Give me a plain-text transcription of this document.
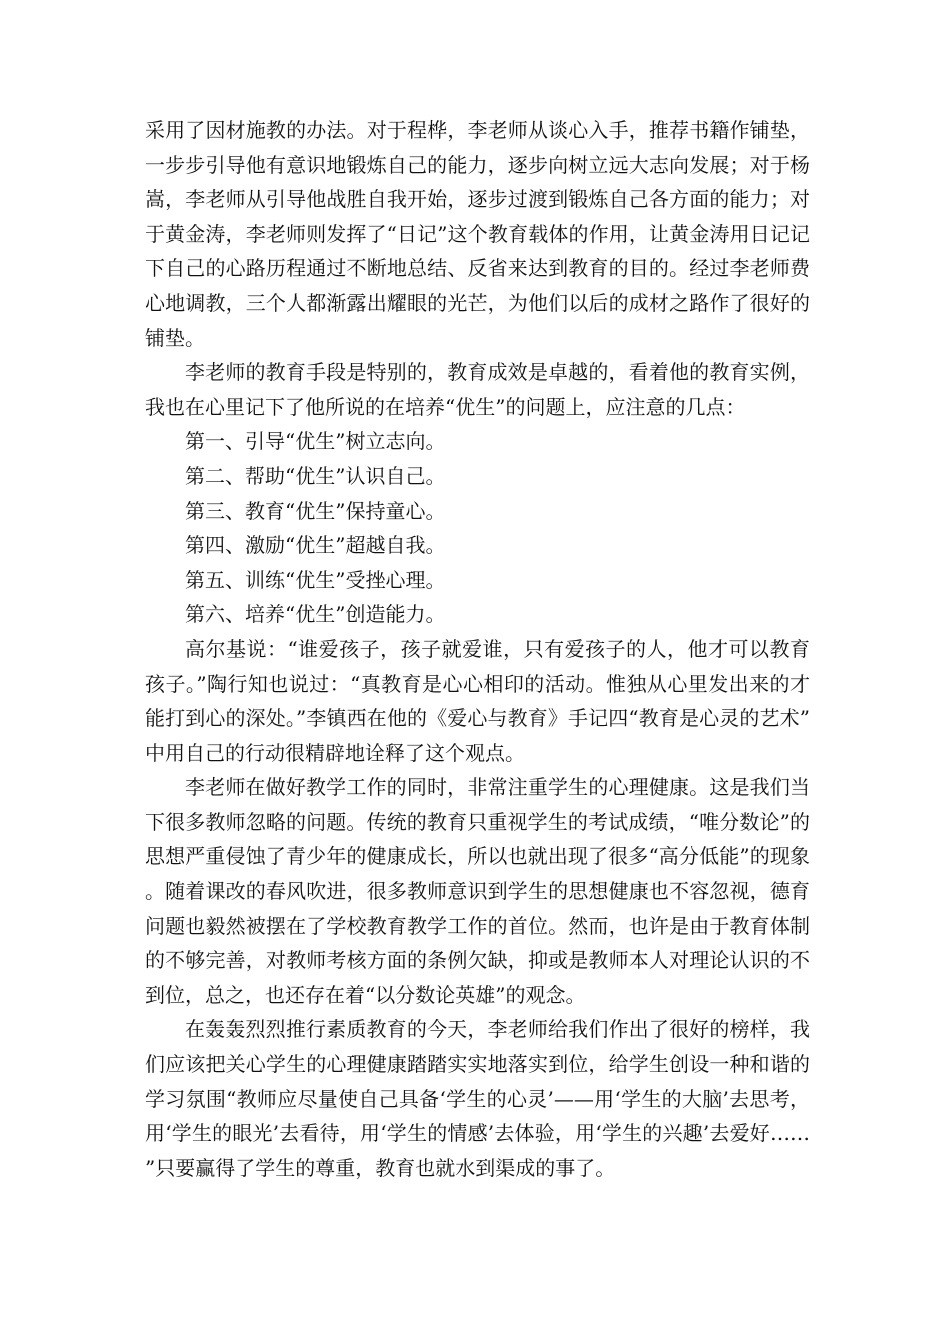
采用了因材施教的办法。对于程桦，李老师从谈心入手，推荐书籍作铺垫，一步步引导他有意识地锻炼自己的能力，逐步向树立远大志向发展；对于杨嵩，李老师从引导他战胜自我开始，逐步过渡到锻炼自己各方面的能力；对于黄金涛，李老师则发挥了“日记”这个教育载体的作用，让黄金涛用日记记下自己的心路历程通过不断地总结、反省来达到教育的目的。经过李老师费心地调教，三个人都渐露出耀眼的光芒，为他们以后的成材之路作了很好的铺垫。

李老师的教育手段是特别的，教育成效是卓越的，看着他的教育实例，我也在心里记下了他所说的在培养“优生”的问题上，应注意的几点：

第一、引导“优生”树立志向。

第二、帮助“优生”认识自己。

第三、教育“优生”保持童心。

第四、激励“优生”超越自我。

第五、训练“优生”受挫心理。

第六、培养“优生”创造能力。

高尔基说：“谁爱孩子，孩子就爱谁，只有爱孩子的人，他才可以教育孩子。”陶行知也说过：“真教育是心心相印的活动。惟独从心里发出来的才能打到心的深处。”李镇西在他的《爱心与教育》手记四“教育是心灵的艺术”中用自己的行动很精辟地诠释了这个观点。

李老师在做好教学工作的同时，非常注重学生的心理健康。这是我们当下很多教师忽略的问题。传统的教育只重视学生的考试成绩，“唯分数论”的思想严重侵蚀了青少年的健康成长，所以也就出现了很多“高分低能”的现象。随着课改的春风吹进，很多教师意识到学生的思想健康也不容忽视，德育问题也毅然被摆在了学校教育教学工作的首位。然而，也许是由于教育体制的不够完善，对教师考核方面的条例欠缺，抑或是教师本人对理论认识的不到位，总之，也还存在着“以分数论英雄”的观念。

在轰轰烈烈推行素质教育的今天，李老师给我们作出了很好的榜样，我们应该把关心学生的心理健康踏踏实实地落实到位，给学生创设一种和谐的学习氛围“教师应尽量使自己具备‘学生的心灵’——用‘学生的大脑’去思考，用‘学生的眼光’去看待，用‘学生的情感’去体验，用‘学生的兴趣’去爱好……”只要赢得了学生的尊重，教育也就水到渠成的事了。
